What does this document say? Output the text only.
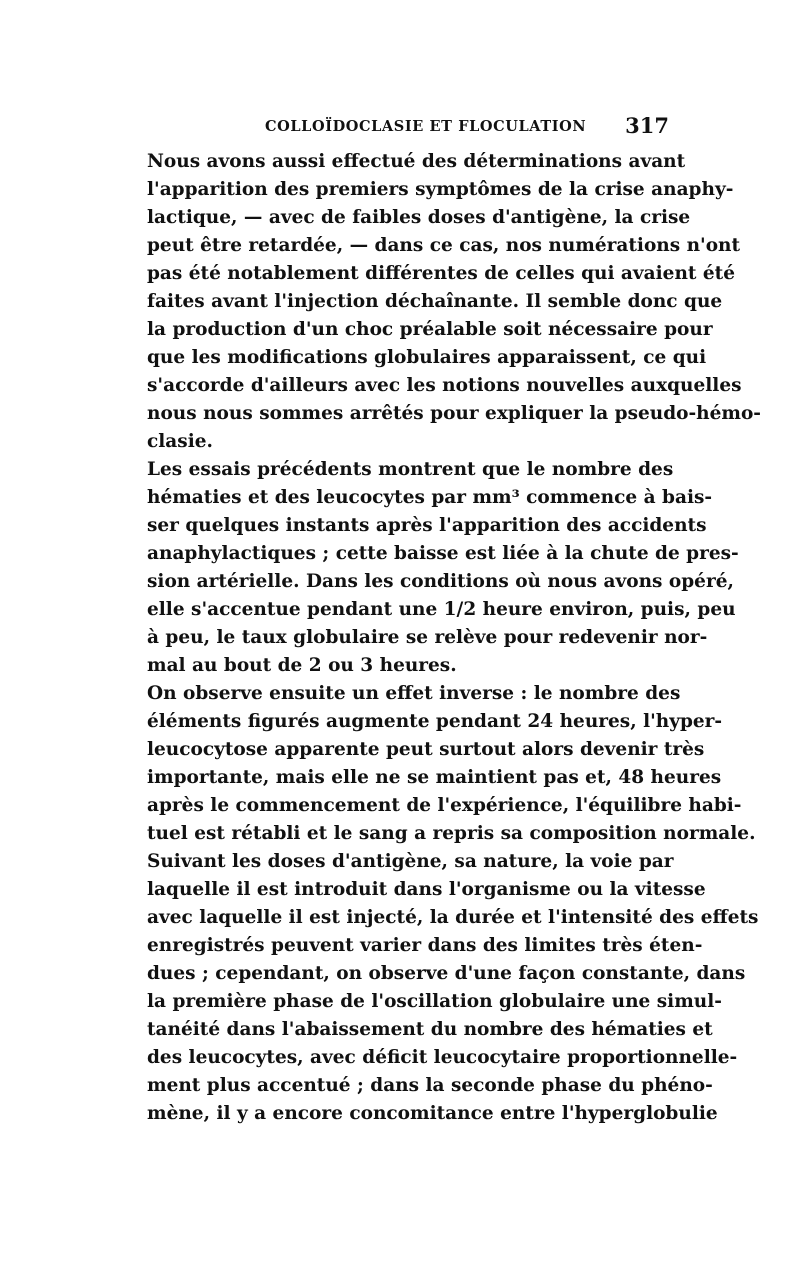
COLLOÏDOCLASIE ET FLOCULATION 317
Nous avons aussi effectué des déterminations avant
l'apparition des premiers symptômes de la crise anaphy-
lactique, — avec de faibles doses d'antigène, la crise
peut être retardée, — dans ce cas, nos numérations n'ont
pas été notablement différentes de celles qui avaient été
faites avant l'injection déchaînante. Il semble donc que
la production d'un choc préalable soit nécessaire pour
que les modifications globulaires apparaissent, ce qui
s'accorde d'ailleurs avec les notions nouvelles auxquelles
nous nous sommes arrêtés pour expliquer la pseudo-hémo-
clasie.
Les essais précédents montrent que le nombre des
hématies et des leucocytes par mm³ commence à bais-
ser quelques instants après l'apparition des accidents
anaphylactiques ; cette baisse est liée à la chute de pres-
sion artérielle. Dans les conditions où nous avons opéré,
elle s'accentue pendant une 1/2 heure environ, puis, peu
à peu, le taux globulaire se relève pour redevenir nor-
mal au bout de 2 ou 3 heures.
On observe ensuite un effet inverse : le nombre des
éléments figurés augmente pendant 24 heures, l'hyper-
leucocytose apparente peut surtout alors devenir très
importante, mais elle ne se maintient pas et, 48 heures
après le commencement de l'expérience, l'équilibre habi-
tuel est rétabli et le sang a repris sa composition normale.
Suivant les doses d'antigène, sa nature, la voie par
laquelle il est introduit dans l'organisme ou la vitesse
avec laquelle il est injecté, la durée et l'intensité des effets
enregistrés peuvent varier dans des limites très éten-
dues ; cependant, on observe d'une façon constante, dans
la première phase de l'oscillation globulaire une simul-
tanéité dans l'abaissement du nombre des hématies et
des leucocytes, avec déficit leucocytaire proportionnelle-
ment plus accentué ; dans la seconde phase du phéno-
mène, il y a encore concomitance entre l'hyperglobulie
